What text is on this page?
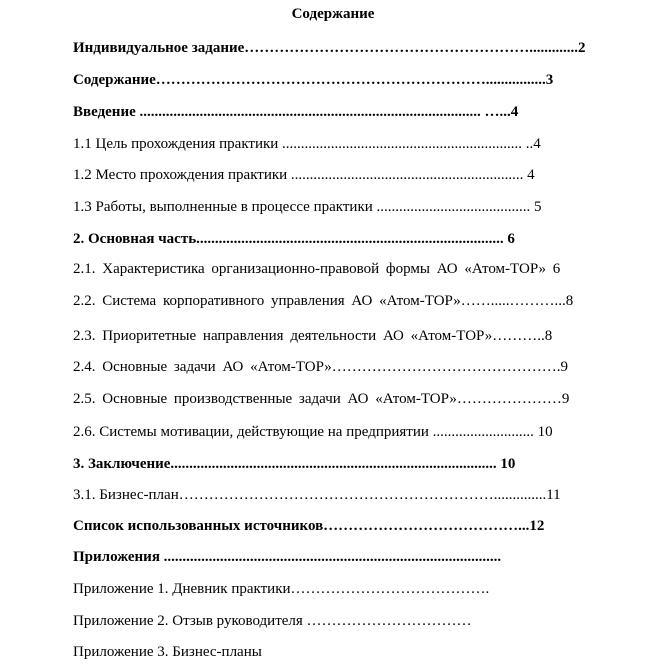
Содержание
Индивидуальное задание………………………………………………….............2
Содержание…………………………………………………………................3
Введение ........................................................................................... …...4
1.1 Цель прохождения практики ................................................................ ..4
1.2 Место прохождения практики .............................................................. 4
1.3 Работы, выполненные в процессе практики ......................................... 5
2. Основная часть.................................................................................. 6
2.1. Характеристика организационно-правовой формы АО «Атом-ТОР» 6
2.2. Система корпоративного управления АО «Атом-ТОР»…….....………...8
2.3. Приоритетные направления деятельности АО «Атом-ТОР»………..8
2.4. Основные задачи АО «Атом-ТОР»……………………………………….9
2.5. Основные производственные задачи АО «Атом-ТОР»…………………9
2.6. Системы мотивации, действующие на предприятии ........................... 10
3. Заключение....................................................................................... 10
3.1. Бизнес-план………………………………………………………..............11
Список использованных источников…………………………………...12
Приложения ..........................................................................................
Приложение 1. Дневник практики………………………………….
Приложение 2. Отзыв руководителя ……………………………
Приложение 3. Бизнес-планы
